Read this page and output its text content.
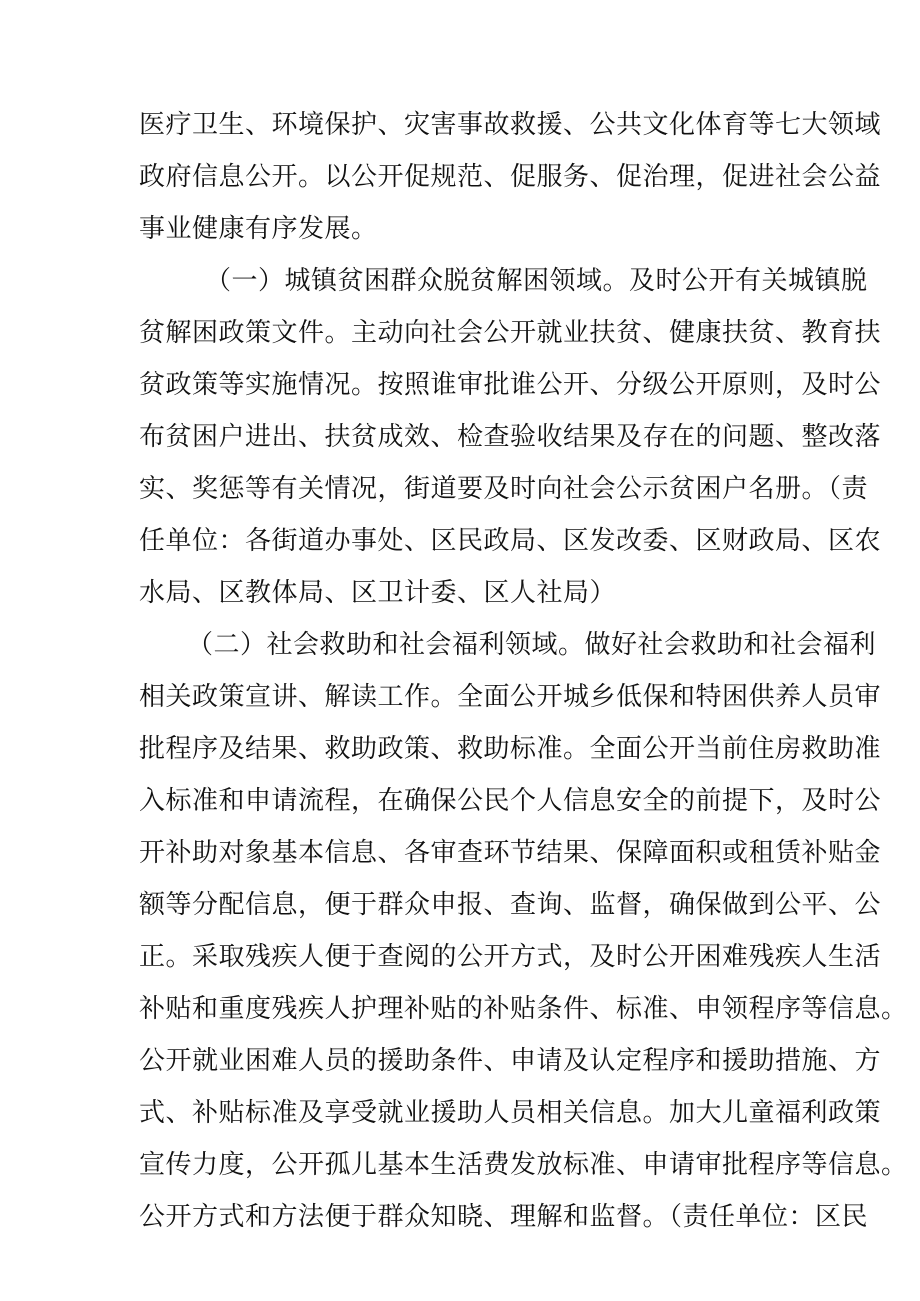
医疗卫生、环境保护、灾害事故救援、公共文化体育等七大领域
政府信息公开。以公开促规范、促服务、促治理，促进社会公益
事业健康有序发展。
（一）城镇贫困群众脱贫解困领域。及时公开有关城镇脱
贫解困政策文件。主动向社会公开就业扶贫、健康扶贫、教育扶
贫政策等实施情况。按照谁审批谁公开、分级公开原则，及时公
布贫困户进出、扶贫成效、检查验收结果及存在的问题、整改落
实、奖惩等有关情况，街道要及时向社会公示贫困户名册。（责
任单位：各街道办事处、区民政局、区发改委、区财政局、区农
水局、区教体局、区卫计委、区人社局）
（二）社会救助和社会福利领域。做好社会救助和社会福利
相关政策宣讲、解读工作。全面公开城乡低保和特困供养人员审
批程序及结果、救助政策、救助标准。全面公开当前住房救助准
入标准和申请流程，在确保公民个人信息安全的前提下，及时公
开补助对象基本信息、各审查环节结果、保障面积或租赁补贴金
额等分配信息，便于群众申报、查询、监督，确保做到公平、公
正。采取残疾人便于查阅的公开方式，及时公开困难残疾人生活
补贴和重度残疾人护理补贴的补贴条件、标准、申领程序等信息。
公开就业困难人员的援助条件、申请及认定程序和援助措施、方
式、补贴标准及享受就业援助人员相关信息。加大儿童福利政策
宣传力度，公开孤儿基本生活费发放标准、申请审批程序等信息。
公开方式和方法便于群众知晓、理解和监督。（责任单位：区民
